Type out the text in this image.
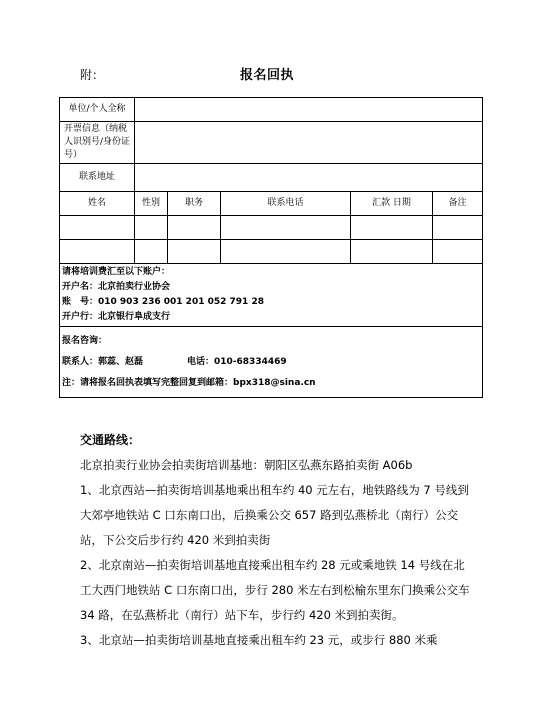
附：	报名回执
单位/个人全称					
开票信息（纳税人识别号/身份证号）					
联系地址					
姓名	性别	职务	联系电话	汇款 日期	备注

请将培训费汇至以下账户：
开户名：北京拍卖行业协会
账　号：010 903 236 001 201 052 791 28
开户行：北京银行阜成支行					

报名咨询：
联系人：郭蕊、赵磊 电话：010-68334469
注：请将报名回执表填写完整回复到邮箱：bpx318@sina.cn					

交通路线：

北京拍卖行业协会拍卖街培训基地：朝阳区弘燕东路拍卖街 A06b

1、北京西站—拍卖街培训基地乘出租车约 40 元左右，地铁路线为 7 号线到大郊亭地铁站 C 口东南口出，后换乘公交 657 路到弘燕桥北（南行）公交站，下公交后步行约 420 米到拍卖街

2、北京南站—拍卖街培训基地直接乘出租车约 28 元或乘地铁 14 号线在北工大西门地铁站 C 口东南口出，步行 280 米左右到松榆东里东门换乘公交车 34 路，在弘燕桥北（南行）站下车，步行约 420 米到拍卖街。

3、北京站—拍卖街培训基地直接乘出租车约 23 元，或步行 880 米乘
